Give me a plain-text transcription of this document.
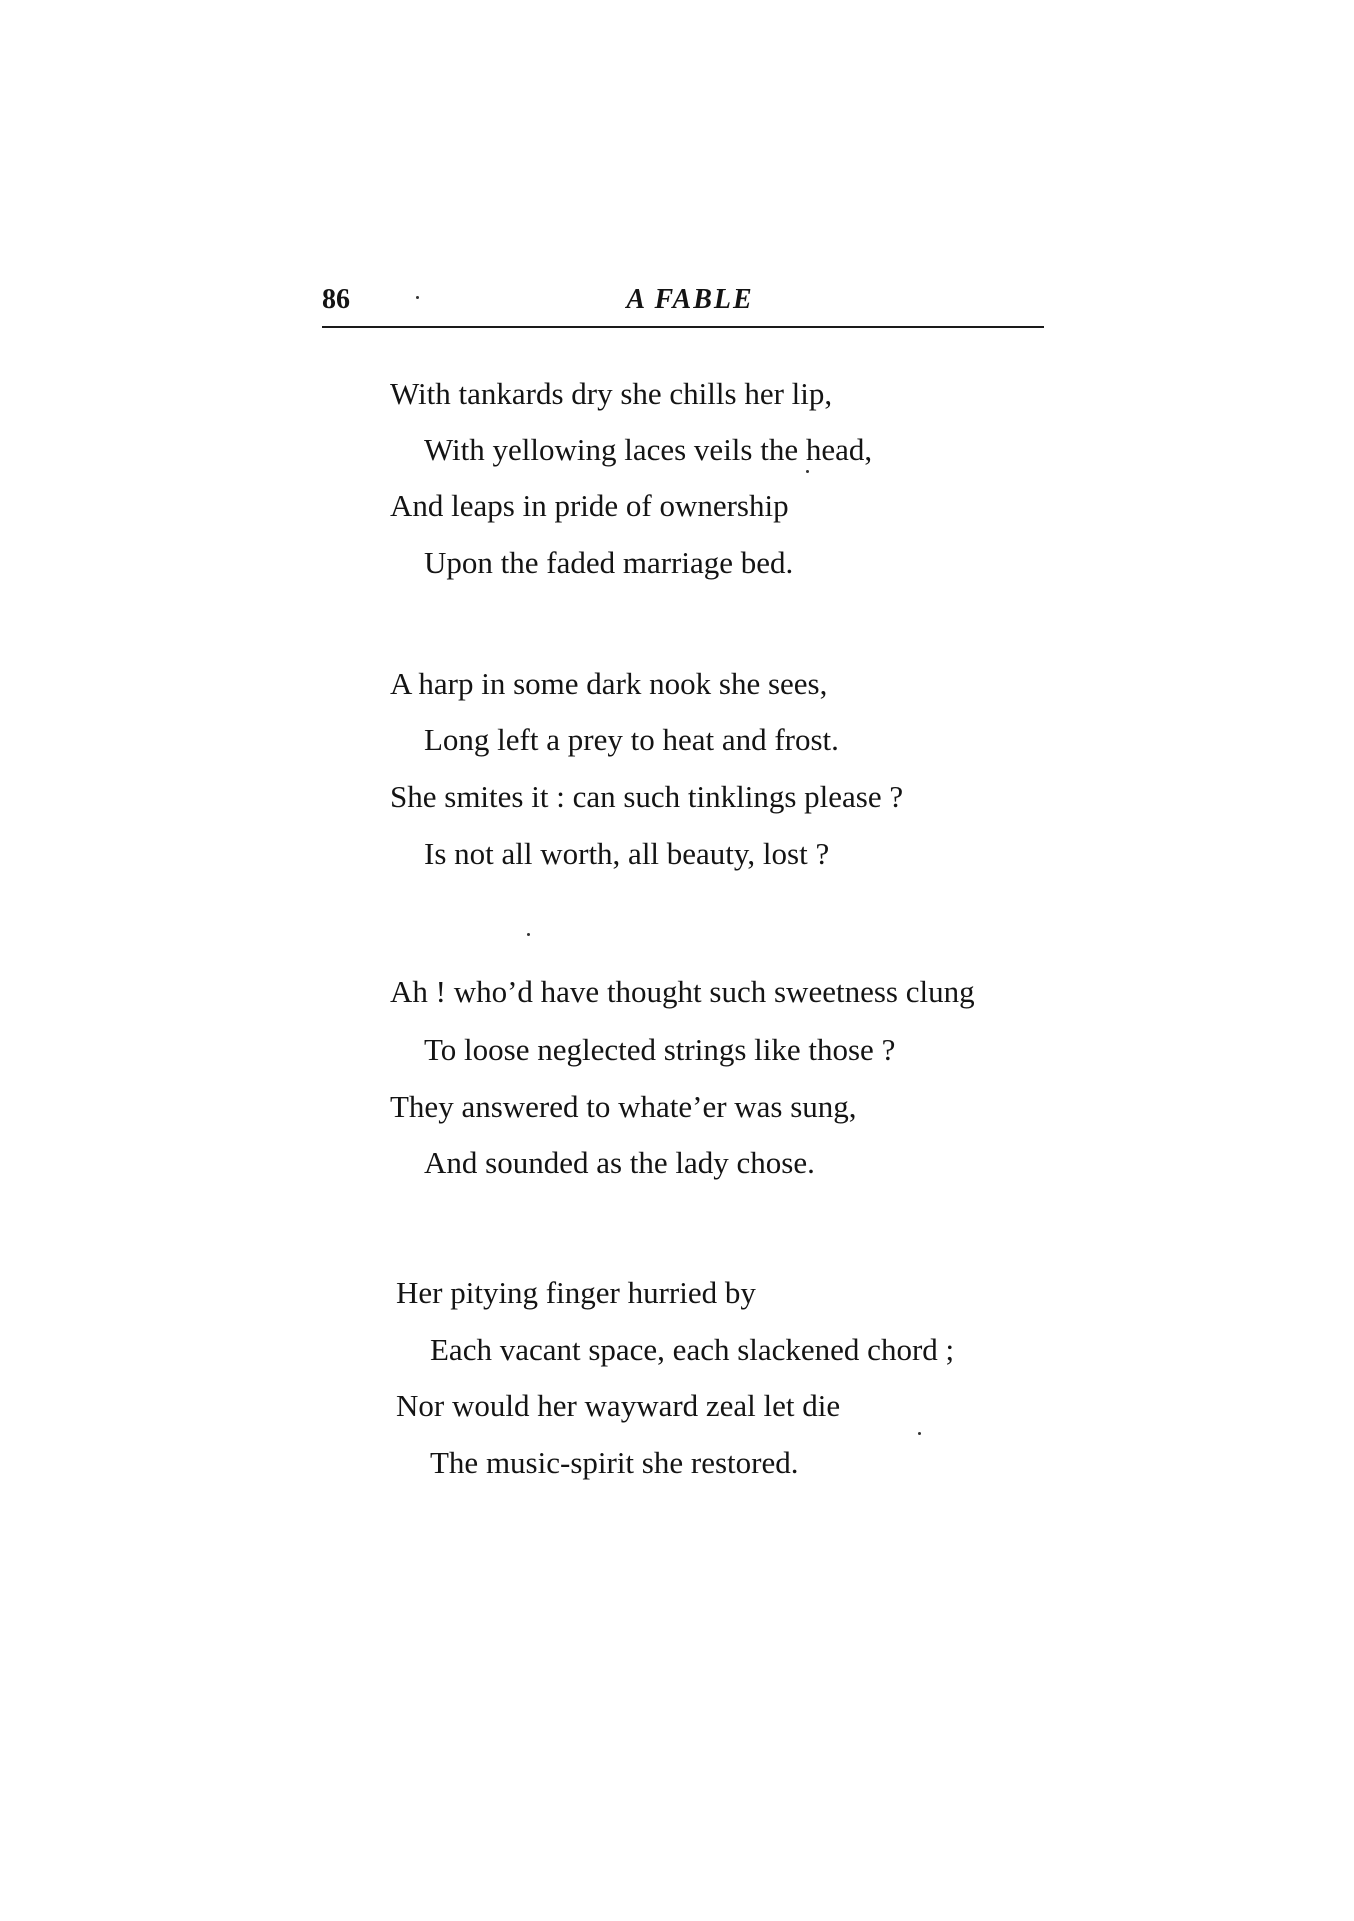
86	A FABLE
With tankards dry she chills her lip,
With yellowing laces veils the head,
And leaps in pride of ownership
Upon the faded marriage bed.
A harp in some dark nook she sees,
Long left a prey to heat and frost.
She smites it : can such tinklings please ?
Is not all worth, all beauty, lost ?
Ah ! who’d have thought such sweetness clung
To loose neglected strings like those ?
They answered to whate’er was sung,
And sounded as the lady chose.
Her pitying finger hurried by
Each vacant space, each slackened chord ;
Nor would her wayward zeal let die
The music-spirit she restored.
